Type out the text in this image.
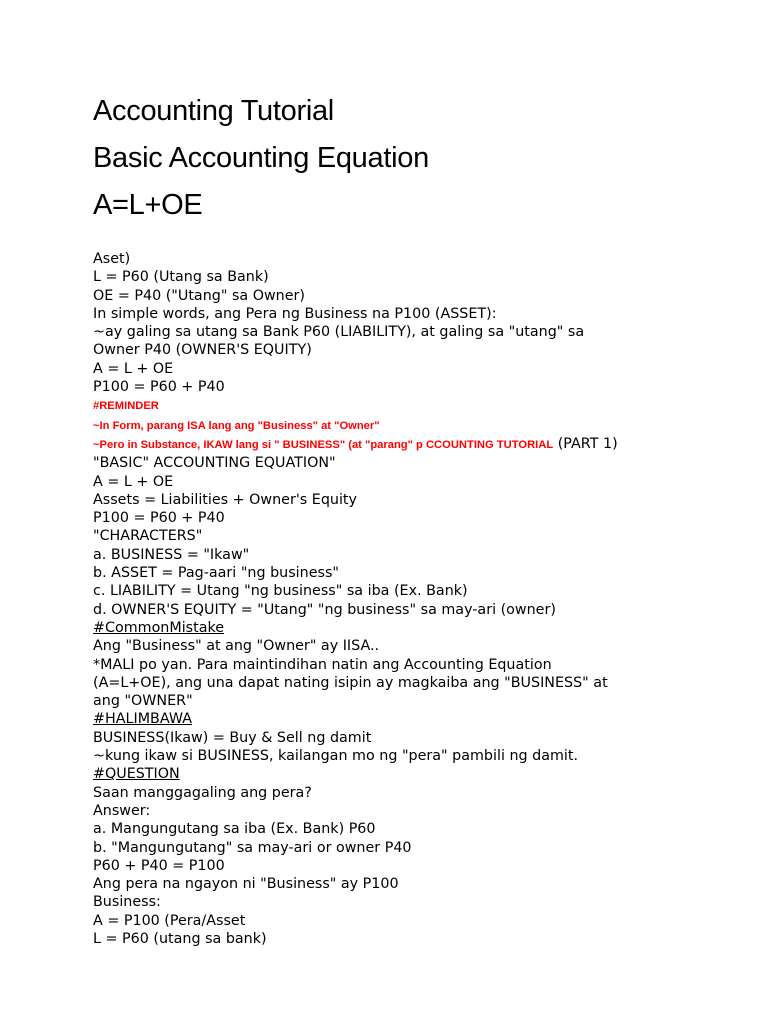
Accounting Tutorial
Basic Accounting Equation
A=L+OE
Aset)
L = P60 (Utang sa Bank)
OE = P40 ("Utang" sa Owner)
In simple words, ang Pera ng Business na P100 (ASSET):
~ay galing sa utang sa Bank P60 (LIABILITY), at galing sa "utang" sa
Owner P40 (OWNER'S EQUITY)
A = L + OE
P100 = P60 + P40
#REMINDER
~In Form, parang ISA lang ang "Business" at "Owner"
~Pero in Substance, IKAW lang si " BUSINESS" (at "parang" p CCOUNTING TUTORIAL (PART 1)
"BASIC" ACCOUNTING EQUATION"
A = L + OE
Assets = Liabilities + Owner's Equity
P100 = P60 + P40
"CHARACTERS"
a. BUSINESS = "Ikaw"
b. ASSET = Pag-aari "ng business"
c. LIABILITY = Utang "ng business" sa iba (Ex. Bank)
d. OWNER'S EQUITY = "Utang" "ng business" sa may-ari (owner)
#CommonMistake
Ang "Business" at ang "Owner" ay IISA..
*MALI po yan. Para maintindihan natin ang Accounting Equation
(A=L+OE), ang una dapat nating isipin ay magkaiba ang "BUSINESS" at
ang "OWNER"
#HALIMBAWA
BUSINESS(Ikaw) = Buy & Sell ng damit
~kung ikaw si BUSINESS, kailangan mo ng "pera" pambili ng damit.
#QUESTION
Saan manggagaling ang pera?
Answer:
a. Mangungutang sa iba (Ex. Bank) P60
b. "Mangungutang" sa may-ari or owner P40
P60 + P40 = P100
Ang pera na ngayon ni "Business" ay P100
Business:
A = P100 (Pera/Asset
L = P60 (utang sa bank)
